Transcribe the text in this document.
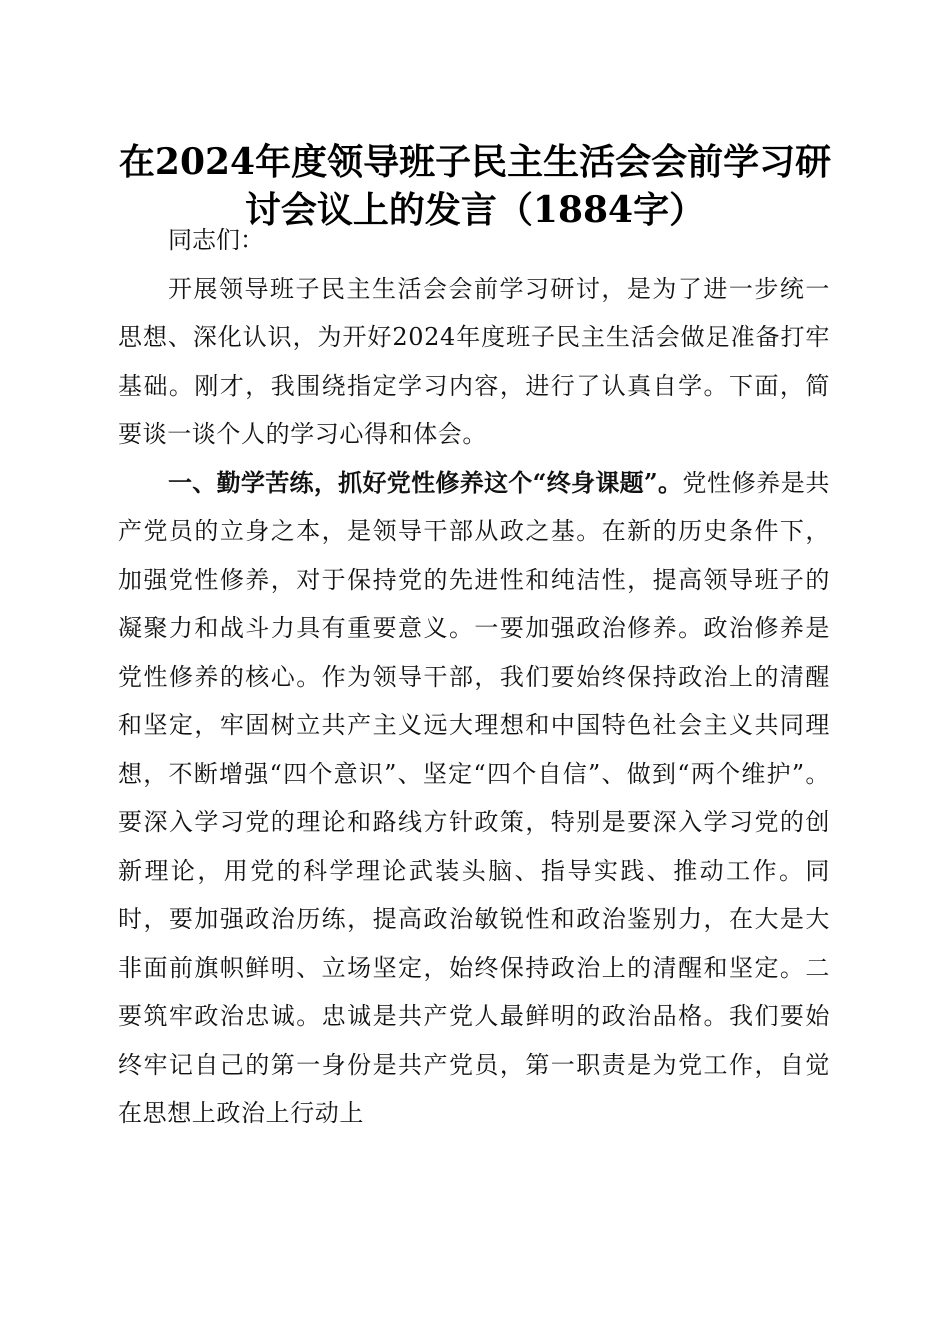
在2024年度领导班子民主生活会会前学习研
讨会议上的发言（1884字）

同志们：

开展领导班子民主生活会会前学习研讨，是为了进一步统一思想、深化认识，为开好2024年度班子民主生活会做足准备打牢基础。刚才，我围绕指定学习内容，进行了认真自学。下面，简要谈一谈个人的学习心得和体会。

一、勤学苦练，抓好党性修养这个“终身课题”。党性修养是共产党员的立身之本，是领导干部从政之基。在新的历史条件下，加强党性修养，对于保持党的先进性和纯洁性，提高领导班子的凝聚力和战斗力具有重要意义。一要加强政治修养。政治修养是党性修养的核心。作为领导干部，我们要始终保持政治上的清醒和坚定，牢固树立共产主义远大理想和中国特色社会主义共同理想，不断增强“四个意识”、坚定“四个自信”、做到“两个维护”。要深入学习党的理论和路线方针政策，特别是要深入学习党的创新理论，用党的科学理论武装头脑、指导实践、推动工作。同时，要加强政治历练，提高政治敏锐性和政治鉴别力，在大是大非面前旗帜鲜明、立场坚定，始终保持政治上的清醒和坚定。二要筑牢政治忠诚。忠诚是共产党人最鲜明的政治品格。我们要始终牢记自己的第一身份是共产党员，第一职责是为党工作，自觉在思想上政治上行动上
